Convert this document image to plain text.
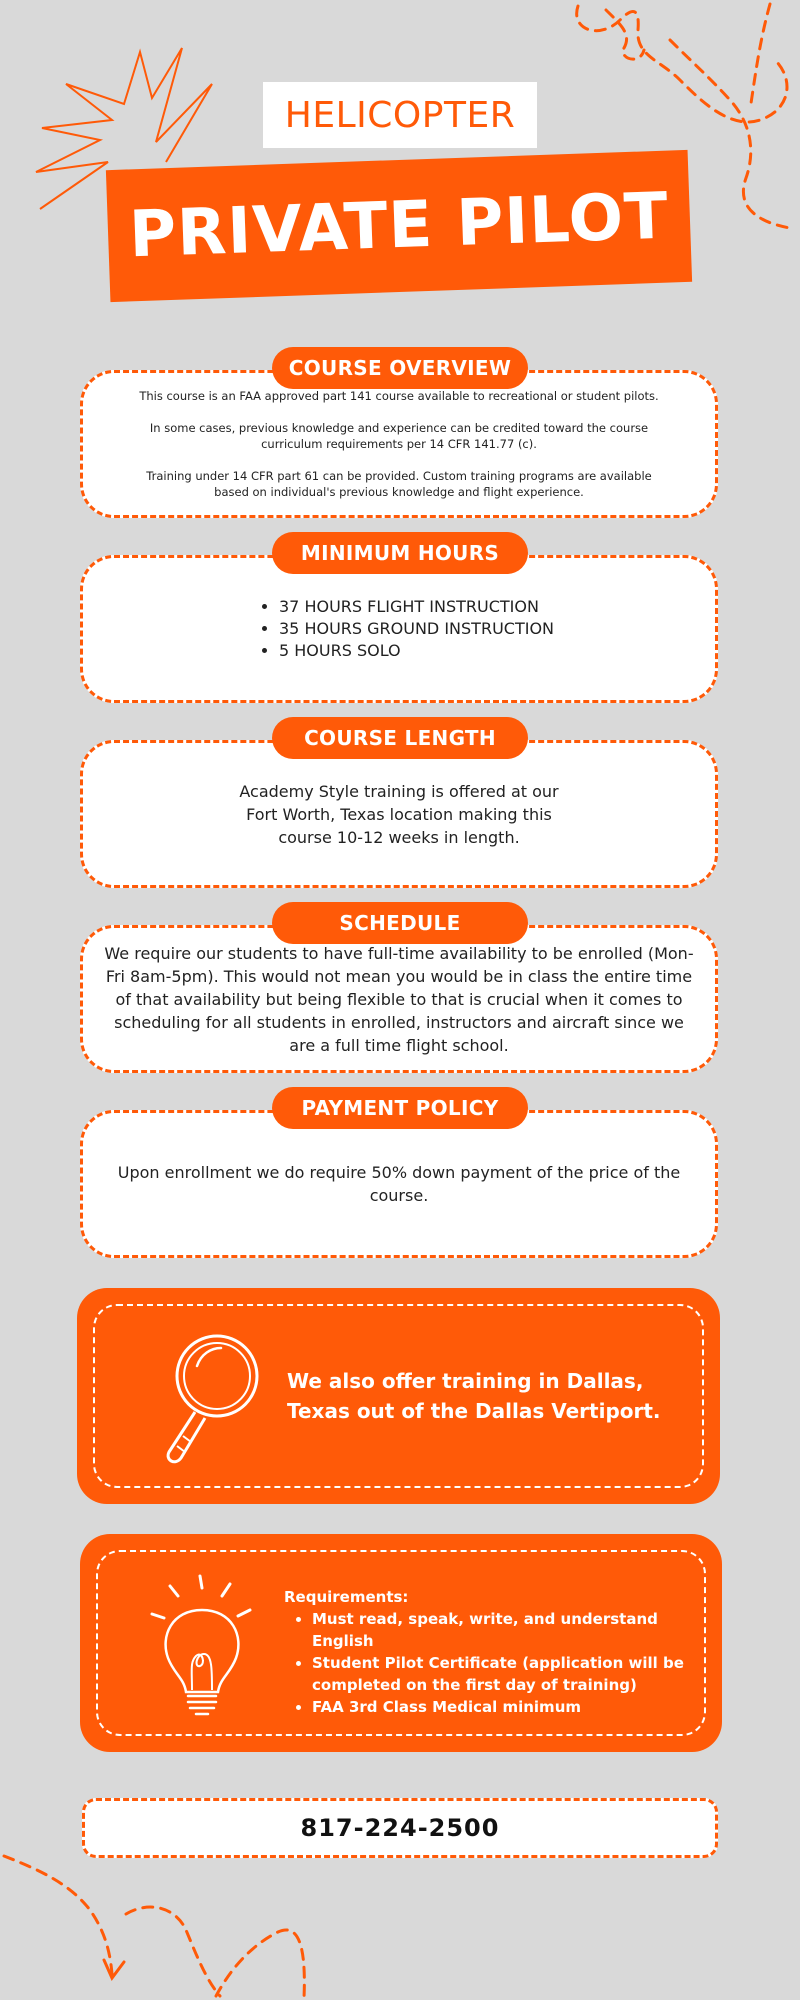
HELICOPTER
PRIVATE PILOT

This course is an FAA approved part 141 course available to recreational or student pilots.

In some cases, previous knowledge and experience can be credited toward the course curriculum requirements per 14 CFR 141.77 (c).

Training under 14 CFR part 61 can be provided. Custom training programs are available based on individual's previous knowledge and flight experience.

COURSE OVERVIEW
• 37 HOURS FLIGHT INSTRUCTION
• 35 HOURS GROUND INSTRUCTION
• 5 HOURS SOLO
MINIMUM HOURS
Academy Style training is offered at our Fort Worth, Texas location making this course 10-12 weeks in length.
COURSE LENGTH
We require our students to have full-time availability to be enrolled (Mon-Fri 8am-5pm). This would not mean you would be in class the entire time of that availability but being flexible to that is crucial when it comes to scheduling for all students in enrolled, instructors and aircraft since we are a full time flight school.
SCHEDULE
Upon enrollment we do require 50% down payment of the price of the course.
PAYMENT POLICY
We also offer training in Dallas, Texas out of the Dallas Vertiport.
Requirements:
• Must read, speak, write, and understand English
• Student Pilot Certificate (application will be completed on the first day of training)
• FAA 3rd Class Medical minimum
817-224-2500
